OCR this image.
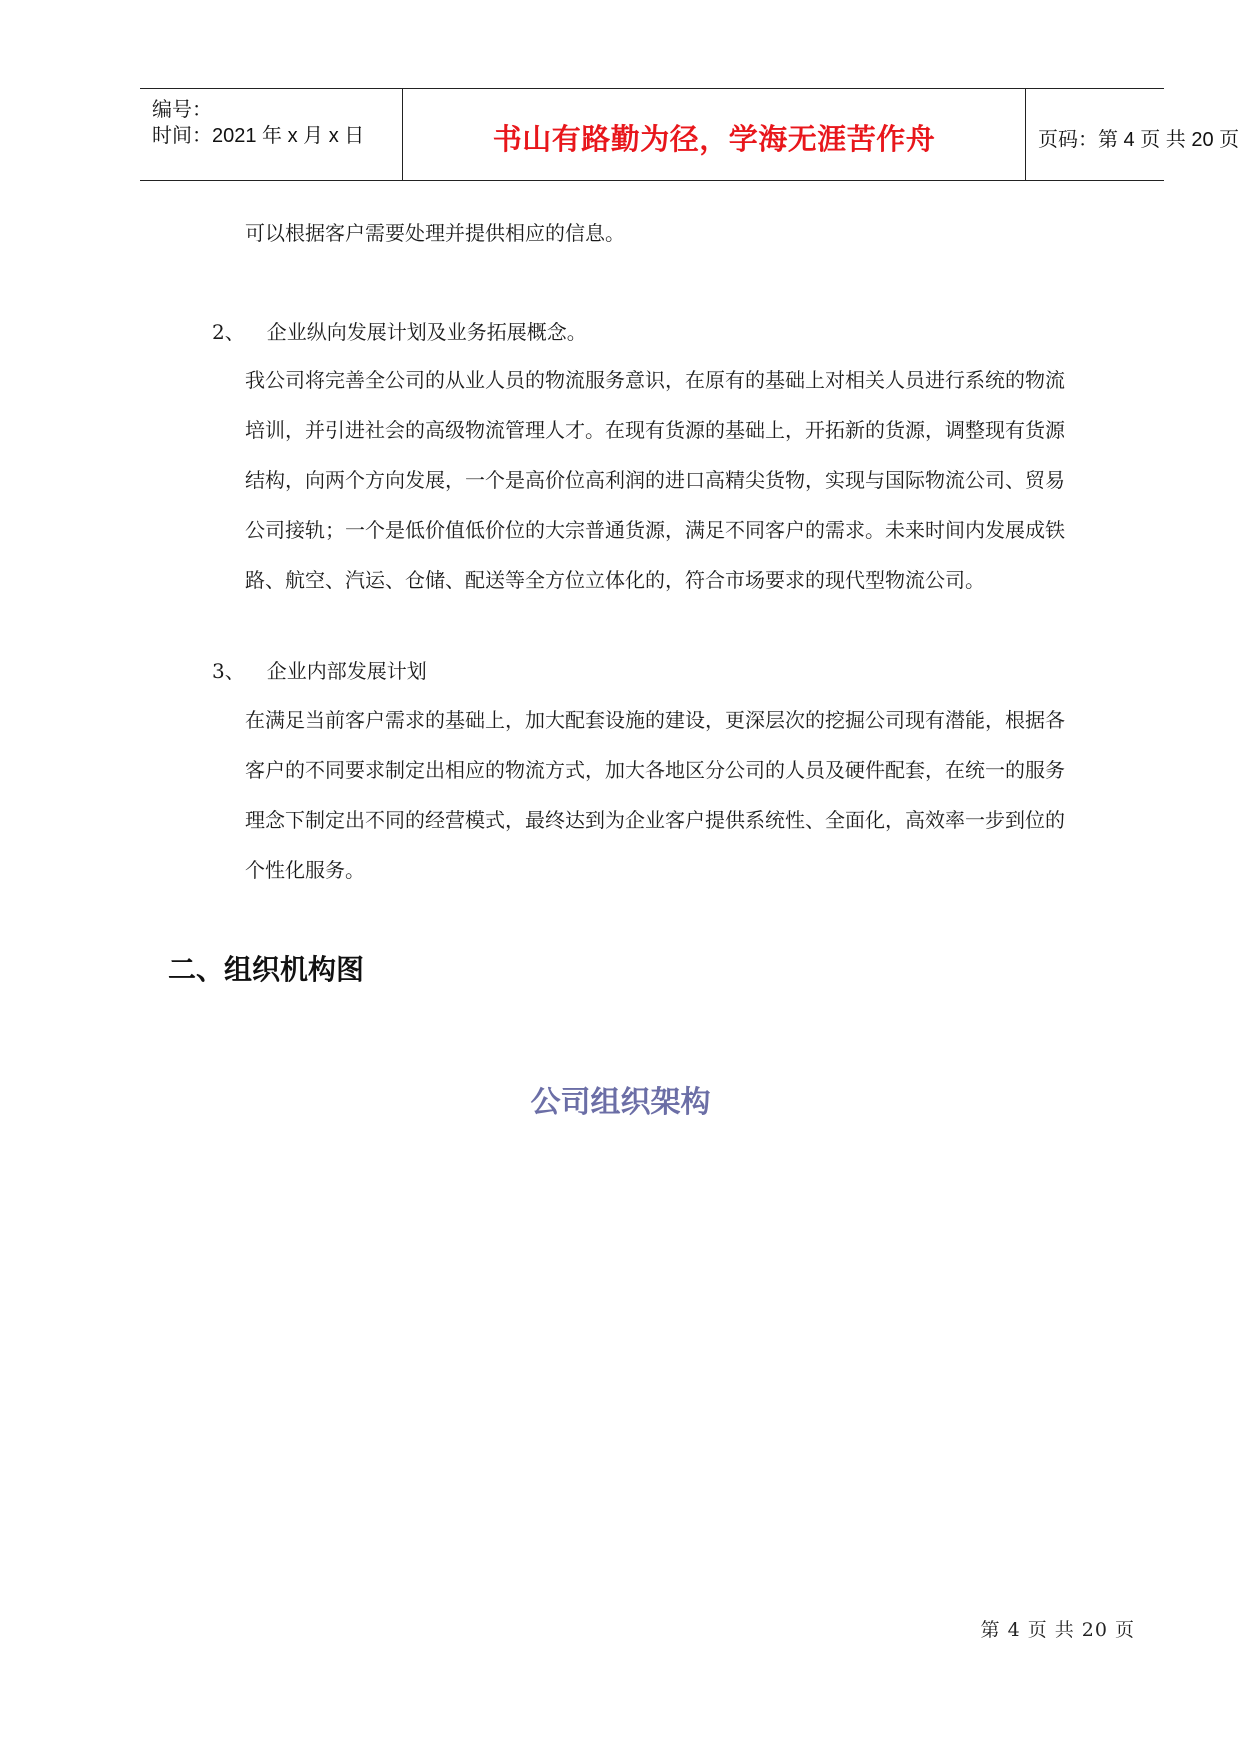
编号：
时间：2021 年 x 月 x 日	书山有路勤为径，学海无涯苦作舟	页码：第 4 页 共 20 页
可以根据客户需要处理并提供相应的信息。
2、 企业纵向发展计划及业务拓展概念。
我公司将完善全公司的从业人员的物流服务意识，在原有的基础上对相关人员进行系统的物流
培训，并引进社会的高级物流管理人才。在现有货源的基础上，开拓新的货源，调整现有货源
结构，向两个方向发展，一个是高价位高利润的进口高精尖货物，实现与国际物流公司、贸易
公司接轨；一个是低价值低价位的大宗普通货源，满足不同客户的需求。未来时间内发展成铁
路、航空、汽运、仓储、配送等全方位立体化的，符合市场要求的现代型物流公司。
3、 企业内部发展计划
在满足当前客户需求的基础上，加大配套设施的建设，更深层次的挖掘公司现有潜能，根据各
客户的不同要求制定出相应的物流方式，加大各地区分公司的人员及硬件配套，在统一的服务
理念下制定出不同的经营模式，最终达到为企业客户提供系统性、全面化，高效率一步到位的
个性化服务。
二、组织机构图
公司组织架构
第 4 页 共 20 页
